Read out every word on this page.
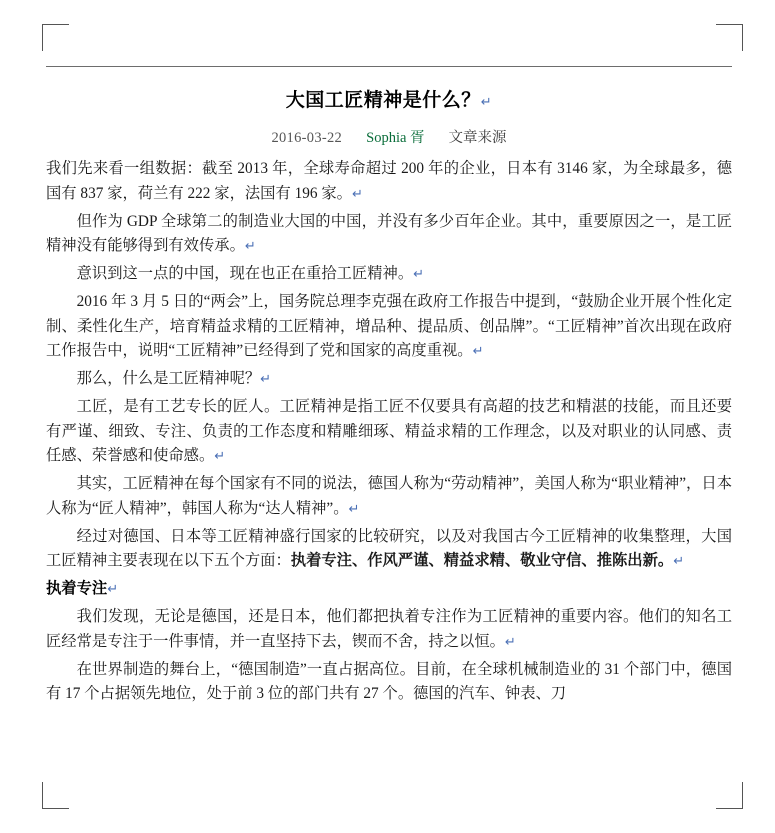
大国工匠精神是什么？↵
2016-03-22 Sophia 胥 文章来源

我们先来看一组数据：截至 2013 年，全球寿命超过 200 年的企业，日本有 3146 家，为全球最多，德国有 837 家，荷兰有 222 家，法国有 196 家。↵

但作为 GDP 全球第二的制造业大国的中国，并没有多少百年企业。其中，重要原因之一，是工匠精神没有能够得到有效传承。↵

意识到这一点的中国，现在也正在重拾工匠精神。↵

2016 年 3 月 5 日的“两会”上，国务院总理李克强在政府工作报告中提到，“鼓励企业开展个性化定制、柔性化生产，培育精益求精的工匠精神，增品种、提品质、创品牌”。“工匠精神”首次出现在政府工作报告中，说明“工匠精神”已经得到了党和国家的高度重视。↵

那么，什么是工匠精神呢？↵

工匠，是有工艺专长的匠人。工匠精神是指工匠不仅要具有高超的技艺和精湛的技能，而且还要有严谨、细致、专注、负责的工作态度和精雕细琢、精益求精的工作理念，以及对职业的认同感、责任感、荣誉感和使命感。↵

其实，工匠精神在每个国家有不同的说法，德国人称为“劳动精神”，美国人称为“职业精神”，日本人称为“匠人精神”，韩国人称为“达人精神”。↵

经过对德国、日本等工匠精神盛行国家的比较研究，以及对我国古今工匠精神的收集整理，大国工匠精神主要表现在以下五个方面：执着专注、作风严谨、精益求精、敬业守信、推陈出新。↵

执着专注↵

我们发现，无论是德国，还是日本，他们都把执着专注作为工匠精神的重要内容。他们的知名工匠经常是专注于一件事情，并一直坚持下去，锲而不舍，持之以恒。↵

在世界制造的舞台上，“德国制造”一直占据高位。目前，在全球机械制造业的 31 个部门中，德国有 17 个占据领先地位，处于前 3 位的部门共有 27 个。德国的汽车、钟表、刀
